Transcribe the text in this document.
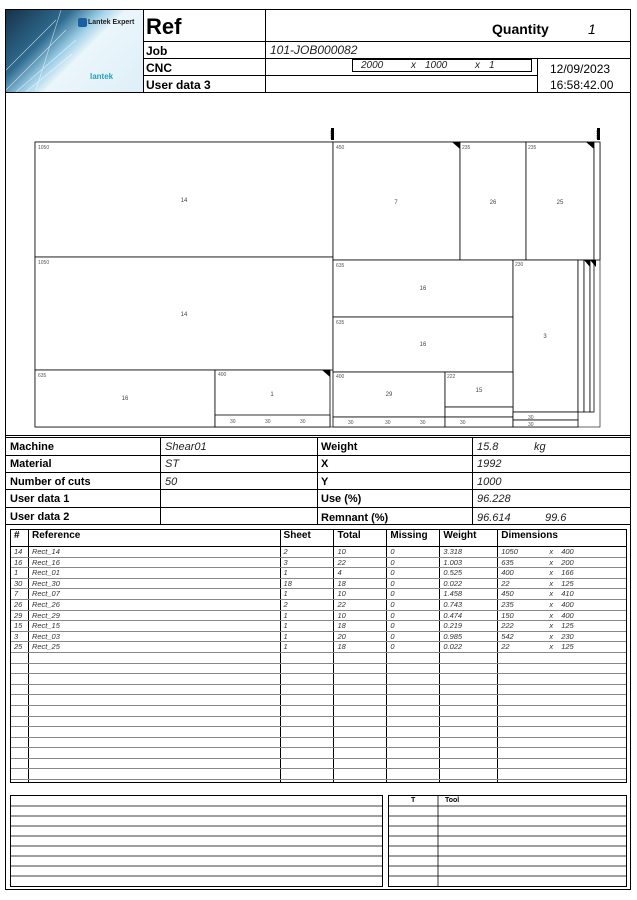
Lantek Expert
lantek
Ref	Quantity	1
Job	101-JOB000082
CNC	2000	x 1000	x 1
User data 3
12/09/2023
16:58:42.00
1050
1050
635	400
450	235	235
635
635
230
400	222
14
14
16
1
7	26	25
16
16
3
29
15
30	30	30	30	30	30	30
30
30
1000	1992
Machine	Shear01
Material	ST
Number of cuts	50
User data 1
User data 2
Weight	15.8	kg
X	1992
Y	1000
Use (%)	96.228
Remnant (%)	96.614	99.6
#	Reference	Sheet	Total	Missing	Weight	Dimensions
14	Rect_14	2	10	0	3.318	1050	x 400
16	Rect_16	3	22	0	1.003	635	x 200
1	Rect_01	1	4	0	0.525	400	x 166
30	Rect_30	18	18	0	0.022	22	x 125
7	Rect_07	1	10	0	1.458	450	x 410
26	Rect_26	2	22	0	0.743	235	x 400
29	Rect_29	1	10	0	0.474	150	x 400
15	Rect_15	1	18	0	0.219	222	x 125
3	Rect_03	1	20	0	0.985	542	x 230
25	Rect_25	1	18	0	0.022	22	x 125
T	Tool
